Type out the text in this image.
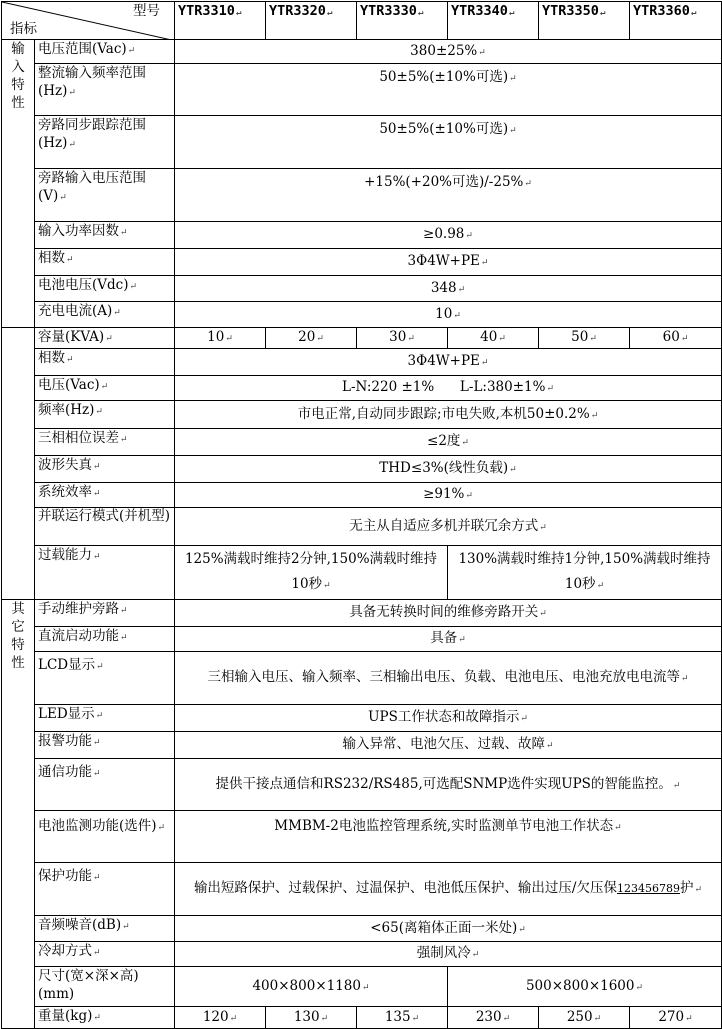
型号
指标		YTR3310↵	YTR3320↵	YTR3330↵	YTR3340↵	YTR3350↵	YTR3360↵
输入特性	电压范围(Vac)↵	380±25%↵					
	整流输入频率范围(Hz)↵	50±5%(±10%可选)↵					
	旁路同步跟踪范围(Hz)↵	50±5%(±10%可选)↵					
	旁路输入电压范围(V)↵	+15%(+20%可选)/-25%↵					
	输入功率因数↵	≥0.98↵					
	相数↵	3Φ4W+PE↵					
	电池电压(Vdc)↵	348↵					
	充电电流(A)↵	10↵					
	容量(KVA)↵	10↵	20↵	30↵	40↵	50↵	60↵
	相数↵	3Φ4W+PE↵					
	电压(Vac)↵	L-N:220 ±1%      L-L:380±1%↵					
	频率(Hz)↵	市电正常,自动同步跟踪;市电失败,本机50±0.2%↵					
	三相相位误差↵	≤2度↵					
	波形失真↵	THD≤3%(线性负载)↵					
	系统效率↵	≥91%↵					
	并联运行模式(并机型)	无主从自适应多机并联冗余方式↵					
	过载能力↵	125%满载时维持2分钟,150%满载时维持10秒↵			130%满载时维持1分钟,150%满载时维持10秒↵		
其它特性	手动维护旁路↵	具备无转换时间的维修旁路开关↵					
	直流启动功能↵	具备↵					
	LCD显示↵	三相输入电压、输入频率、三相输出电压、负载、电池电压、电池充放电电流等↵					
	LED显示↵	UPS工作状态和故障指示↵					
	报警功能↵	输入异常、电池欠压、过载、故障↵					
	通信功能↵	提供干接点通信和RS232/RS485,可选配SNMP选件实现UPS的智能监控。↵					
	电池监测功能(选件)↵	MMBM-2电池监控管理系统,实时监测单节电池工作状态↵					
	保护功能↵	输出短路保护、过载保护、过温保护、电池低压保护、输出过压/欠压保123456789护↵					
	音频噪音(dB)↵	<65(离箱体正面一米处)↵					
	冷却方式↵	强制风冷↵					
	尺寸(宽×深×高)(mm)	400×800×1180↵			500×800×1600↵		
	重量(kg)↵	120↵	130↵	135↵	230↵	250↵	270↵
